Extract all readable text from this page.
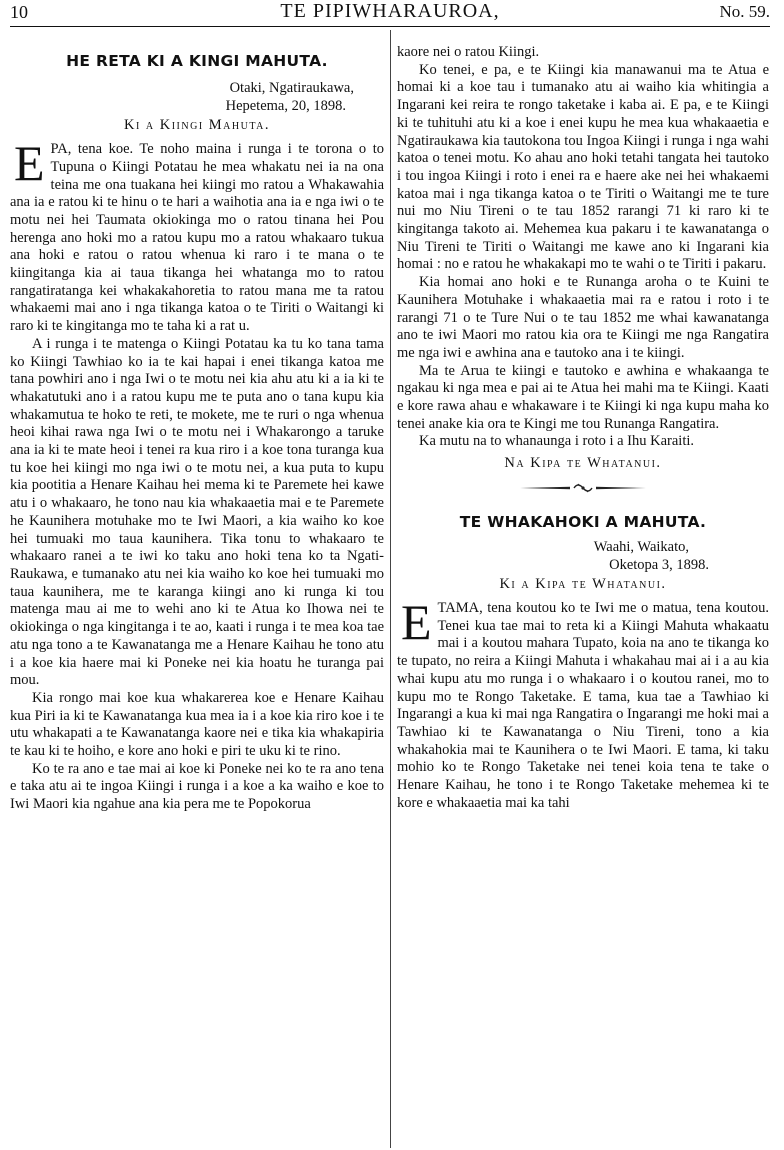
10	TE PIPIWHARAUROA,	No. 59.
HE RETA KI A KINGI MAHUTA.
Otaki, Ngatiraukawa,
Hepetema, 20, 1898.
Ki a Kiingi Mahuta.

EPA, tena koe. Te noho maina i runga i te torona o to Tupuna o Kiingi Potatau he mea whakatu nei ia na ona teina me ona tuakana hei kiingi mo ratou a Whakawahia ana ia e ratou ki te hinu o te hari a waihotia ana ia e nga iwi o te motu nei hei Taumata okiokinga mo o ratou tinana hei Pou herenga ano hoki mo a ratou kupu mo a ratou whakaaro tukua ana hoki e ratou o ratou whenua ki raro i te mana o te kiingitanga kia ai taua tikanga hei whatanga mo to ratou rangatiratanga kei whakakahoretia to ratou mana me ta ratou whakaemi mai ano i nga tikanga katoa o te Tiriti o Waitangi ki raro ki te kingitanga mo te taha ki a rat u.

A i runga i te matenga o Kiingi Potatau ka tu ko tana tama ko Kiingi Tawhiao ko ia te kai hapai i enei tikanga katoa me tana powhiri ano i nga Iwi o te motu nei kia ahu atu ki a ia ki te whakatutuki ano i a ratou kupu me te puta ano o tana kupu kia whakamutua te hoko te reti, te mokete, me te ruri o nga whenua heoi kihai rawa nga Iwi o te motu nei i Whakarongo a taruke ana ia ki te mate heoi i tenei ra kua riro i a koe tona turanga kua tu koe hei kiingi mo nga iwi o te motu nei, a kua puta to kupu kia pootitia a Henare Kaihau hei mema ki te Paremete hei kawe atu i o whakaaro, he tono nau kia whakaaetia mai e te Paremete he Kaunihera motuhake mo te Iwi Maori, a kia waiho ko koe hei tumuaki mo taua kaunihera. Tika tonu to whakaaro te whakaaro ranei a te iwi ko taku ano hoki tena ko ta Ngati-Raukawa, e tumanako atu nei kia waiho ko koe hei tumuaki mo taua kaunihera, me te karanga kiingi ano ki runga ki tou matenga mau ai me to wehi ano ki te Atua ko Ihowa nei te okiokinga o nga kingitanga i te ao, kaati i runga i te mea koa tae atu nga tono a te Kawanatanga me a Henare Kaihau he tono atu i a koe kia haere mai ki Poneke nei kia hoatu he turanga pai mou.

Kia rongo mai koe kua whakarerea koe e Henare Kaihau kua Piri ia ki te Kawanatanga kua mea ia i a koe kia riro koe i te utu whakapati a te Kawanatanga kaore nei e tika kia whakapiria te kau ki te hoiho, e kore ano hoki e piri te uku ki te rino.

Ko te ra ano e tae mai ai koe ki Poneke nei ko te ra ano tena e taka atu ai te ingoa Kiingi i runga i a koe a ka waiho e koe to Iwi Maori kia ngahue ana kia pera me te Popokorua

kaore nei o ratou Kiingi.

Ko tenei, e pa, e te Kiingi kia manawanui ma te Atua e homai ki a koe tau i tumanako atu ai waiho kia whitingia a Ingarani kei reira te rongo taketake i kaba ai. E pa, e te Kiingi ki te tuhituhi atu ki a koe i enei kupu he mea kua whakaaetia e Ngatiraukawa kia tautokona tou Ingoa Kiingi i runga i nga wahi katoa o tenei motu. Ko ahau ano hoki tetahi tangata hei tautoko i tou ingoa Kiingi i roto i enei ra e haere ake nei hei whakaemi katoa mai i nga tikanga katoa o te Tiriti o Waitangi me te ture nui mo Niu Tireni o te tau 1852 rarangi 71 ki raro ki te kingitanga takoto ai. Mehemea kua pakaru i te kawanatanga o Niu Tireni te Tiriti o Waitangi me kawe ano ki Ingarani kia homai : no e ratou he whakakapi mo te wahi o te Tiriti i pakaru.

Kia homai ano hoki e te Runanga aroha o te Kuini te Kaunihera Motuhake i whakaaetia mai ra e ratou i roto i te rarangi 71 o te Ture Nui o te tau 1852 me whai kawanatanga ano te iwi Maori mo ratou kia ora te Kiingi me nga Rangatira me nga iwi e awhina ana e tautoko ana i te kiingi.

Ma te Arua te kiingi e tautoko e awhina e whakaanga te ngakau ki nga mea e pai ai te Atua hei mahi ma te Kiingi. Kaati e kore rawa ahau e whakaware i te Kiingi ki nga kupu maha ko tenei anake kia ora te Kingi me tou Runanga Rangatira.

Ka mutu na to whanaunga i roto i a Ihu Karaiti.

Na Kipa te Whatanui.
TE WHAKAHOKI A MAHUTA.
Waahi, Waikato,
Oketopa 3, 1898.
Ki a Kipa te Whatanui.

ETAMA, tena koutou ko te Iwi me o matua, tena koutou. Tenei kua tae mai to reta ki a Kiingi Mahuta whakaatu mai i a koutou mahara Tupato, koia na ano te tikanga ko te tupato, no reira a Kiingi Mahuta i whakahau mai ai i a au kia whai kupu atu mo runga i o whakaaro i o koutou ranei, mo to kupu mo te Rongo Taketake. E tama, kua tae a Tawhiao ki Ingarangi a kua ki mai nga Rangatira o Ingarangi me hoki mai a Tawhiao ki te Kawanatanga o Niu Tireni, tono a kia whakahokia mai te Kaunihera o te Iwi Maori. E tama, ki taku mohio ko te Rongo Taketake nei tenei koia tena te take o Henare Kaihau, he tono i te Rongo Taketake mehemea ki te kore e whakaaetia mai ka tahi
